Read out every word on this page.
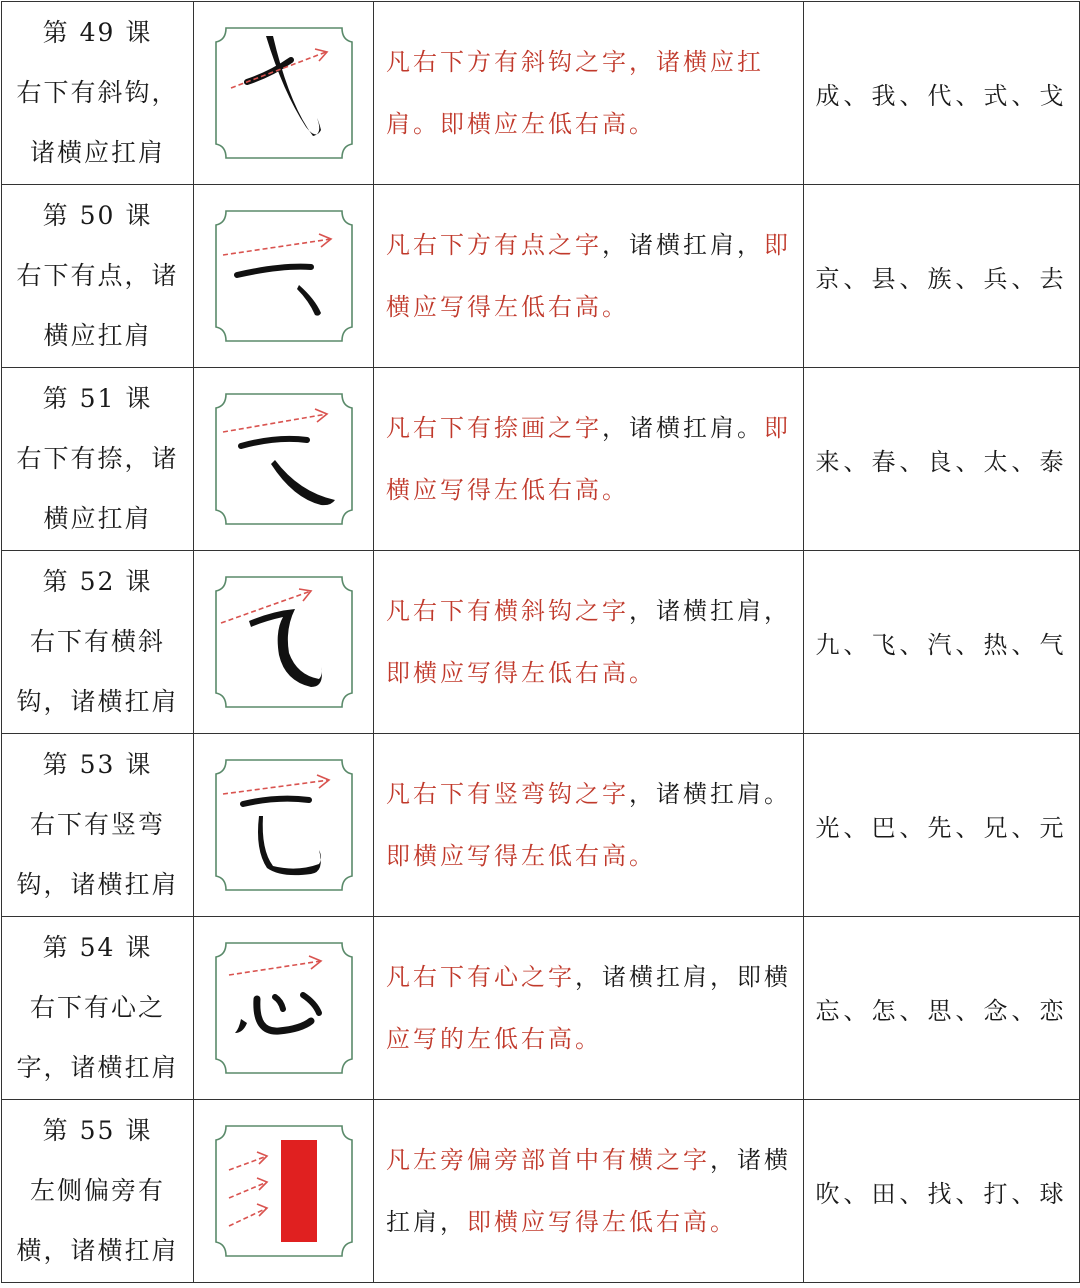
第 49 课
右下有斜钩，
诸横应扛肩		凡右下方有斜钩之字，诸横应扛肩。即横应左低右高。	成、我、代、式、戈

第 50 课
右下有点，诸
横应扛肩		凡右下方有点之字，诸横扛肩，即横应写得左低右高。	京、县、族、兵、去

第 51 课
右下有捺，诸
横应扛肩		凡右下有捺画之字，诸横扛肩。即横应写得左低右高。	来、春、良、太、泰

第 52 课
右下有横斜
钩，诸横扛肩		凡右下有横斜钩之字，诸横扛肩，即横应写得左低右高。	九、飞、汽、热、气

第 53 课
右下有竖弯
钩，诸横扛肩		凡右下有竖弯钩之字，诸横扛肩。即横应写得左低右高。	光、巴、先、兄、元

第 54 课
右下有心之
字，诸横扛肩		凡右下有心之字，诸横扛肩，即横应写的左低右高。	忘、怎、思、念、恋

第 55 课
左侧偏旁有
横，诸横扛肩		凡左旁偏旁部首中有横之字，诸横扛肩，即横应写得左低右高。	吹、田、找、打、球
